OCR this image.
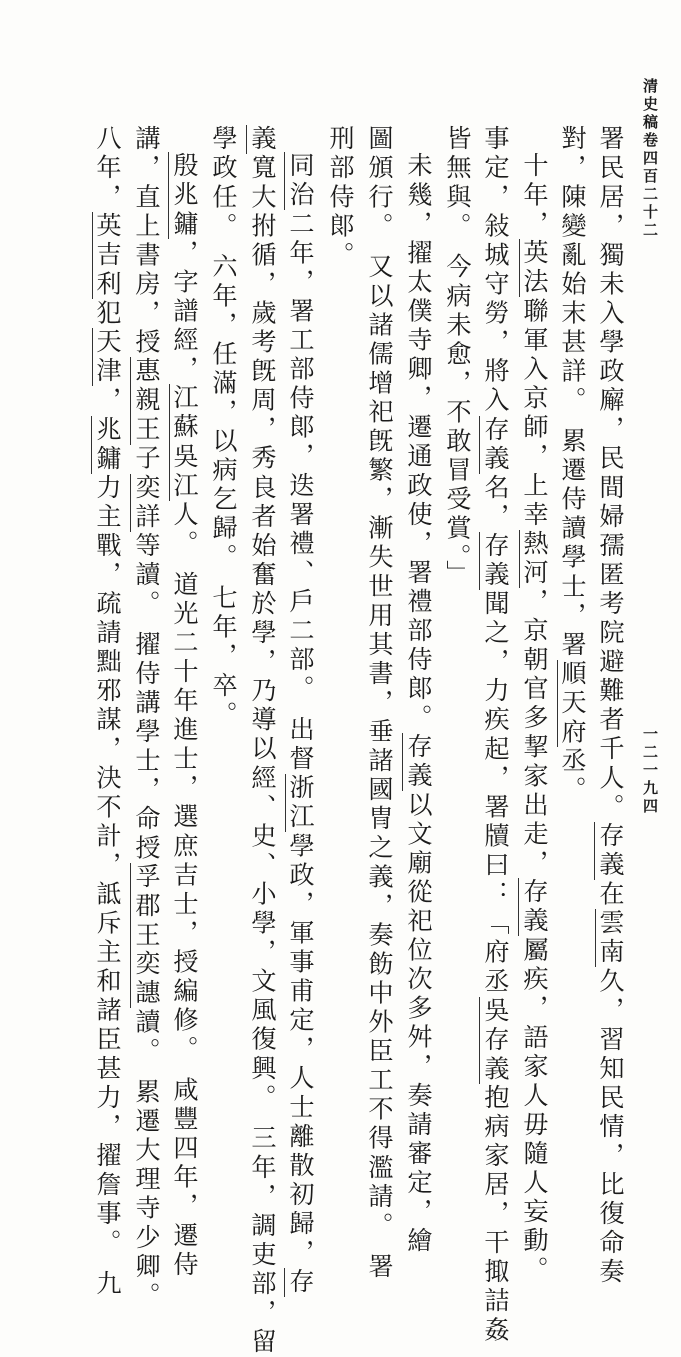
清史稿卷四百二十二
一二一九四
署民居，獨未入學政廨，民間婦孺匿考院避難者千人。存義在雲南久，習知民情，比復命奏
對，陳變亂始末甚詳。 累遷侍讀學士，署順天府丞。
　十年，英法聯軍入京師，上幸熱河，京朝官多挈家出走，存義屬疾，語家人毋隨人妄動。
事定，敍城守勞，將入存義名，存義聞之，力疾起，署牘曰：「府丞吳存義抱病家居，干掫詰姦
皆無與。 今病未愈，不敢冒受賞。」
　未幾，擢太僕寺卿，遷通政使，署禮部侍郞。存義以文廟從祀位次多舛，奏請審定，繪
圖頒行。 又以諸儒增祀旣繁，漸失世用其書，垂諸國冑之義，奏飭中外臣工不得濫請。 署
刑部侍郞。
　同治二年，署工部侍郞，迭署禮、戶二部。 出督浙江學政，軍事甫定，人士離散初歸，存
義寬大拊循，歲考旣周，秀良者始奮於學，乃導以經、史、小學，文風復興。 三年，調吏部，留
學政任。 六年，任滿，以病乞歸。 七年，卒。
　殷兆鏞，字譜經，江蘇吳江人。 道光二十年進士，選庶吉士，授編修。 咸豐四年，遷侍
講，直上書房，授惠親王子奕詳等讀。 擢侍講學士，命授孚郡王奕譓讀。 累遷大理寺少卿。
八年，英吉利犯天津，兆鏞力主戰，疏請黜邪謀，決不計，詆斥主和諸臣甚力，擢詹事。 九
